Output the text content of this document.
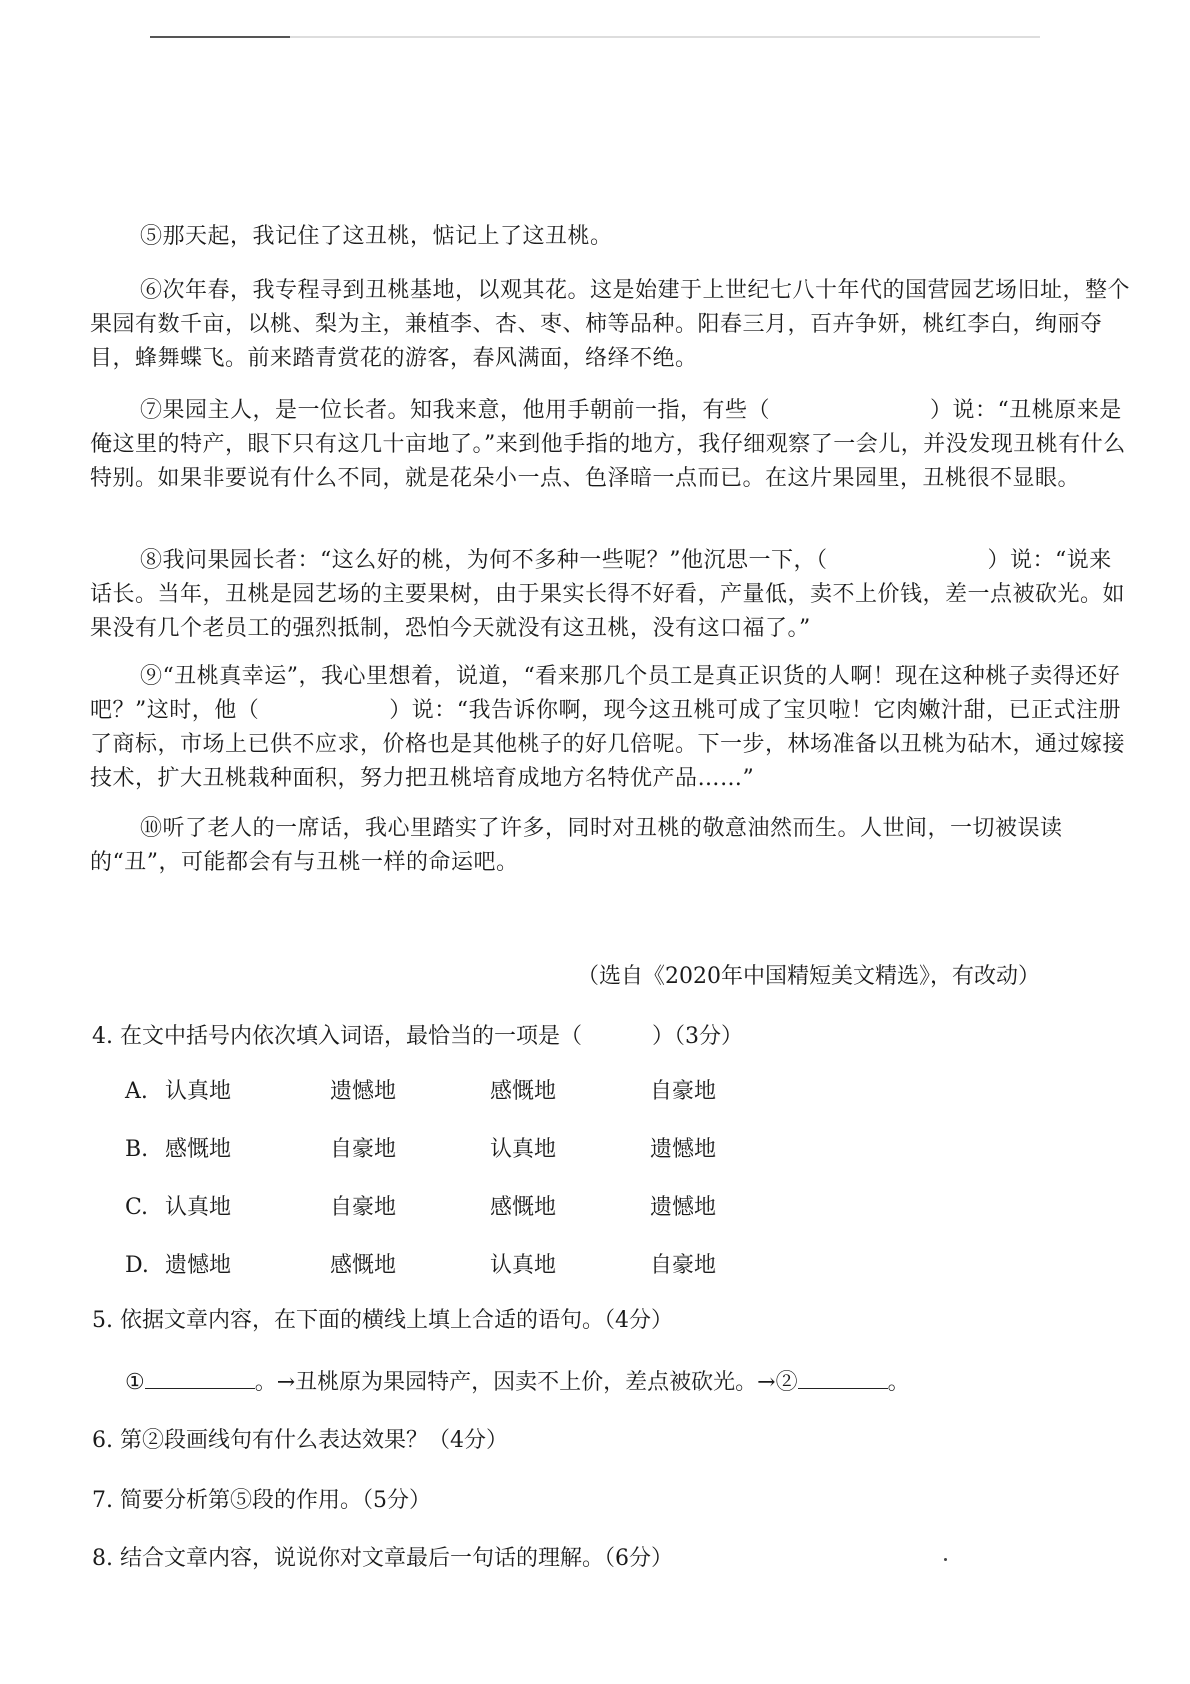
⑤那天起，我记住了这丑桃，惦记上了这丑桃。

⑥次年春，我专程寻到丑桃基地，以观其花。这是始建于上世纪七八十年代的国营园艺场旧址，整个果园有数千亩，以桃、梨为主，兼植李、杏、枣、柿等品种。阳春三月，百卉争妍，桃红李白，绚丽夺目，蜂舞蝶飞。前来踏青赏花的游客，春风满面，络绎不绝。

⑦果园主人，是一位长者。知我来意，他用手朝前一指，有些（	）说：“丑桃原来是俺这里的特产，眼下只有这几十亩地了。”来到他手指的地方，我仔细观察了一会儿，并没发现丑桃有什么特别。如果非要说有什么不同，就是花朵小一点、色泽暗一点而已。在这片果园里，丑桃很不显眼。

⑧我问果园长者：“这么好的桃，为何不多种一些呢？”他沉思一下，（	）说：“说来话长。当年，丑桃是园艺场的主要果树，由于果实长得不好看，产量低，卖不上价钱，差一点被砍光。如果没有几个老员工的强烈抵制，恐怕今天就没有这丑桃，没有这口福了。”

⑨“丑桃真幸运”，我心里想着，说道，“看来那几个员工是真正识货的人啊！现在这种桃子卖得还好吧？”这时，他（	）说：“我告诉你啊，现今这丑桃可成了宝贝啦！它肉嫩汁甜，已正式注册了商标，市场上已供不应求，价格也是其他桃子的好几倍呢。下一步，林场准备以丑桃为砧木，通过嫁接技术，扩大丑桃栽种面积，努力把丑桃培育成地方名特优产品……”

⑩听了老人的一席话，我心里踏实了许多，同时对丑桃的敬意油然而生。人世间，一切被误读的“丑”，可能都会有与丑桃一样的命运吧。

（选自《2020年中国精短美文精选》，有改动）

4. 在文中括号内依次填入词语，最恰当的一项是（	）（3分）

A. 认真地	遗憾地	感慨地	自豪地
B. 感慨地	自豪地	认真地	遗憾地
C. 认真地	自豪地	感慨地	遗憾地
D. 遗憾地	感慨地	认真地	自豪地

5. 依据文章内容，在下面的横线上填上合适的语句。（4分）

①	。→丑桃原为果园特产，因卖不上价，差点被砍光。→②	。

6. 第②段画线句有什么表达效果？（4分）

7. 简要分析第⑤段的作用。（5分）

8. 结合文章内容，说说你对文章最后一句话的理解。（6分）
